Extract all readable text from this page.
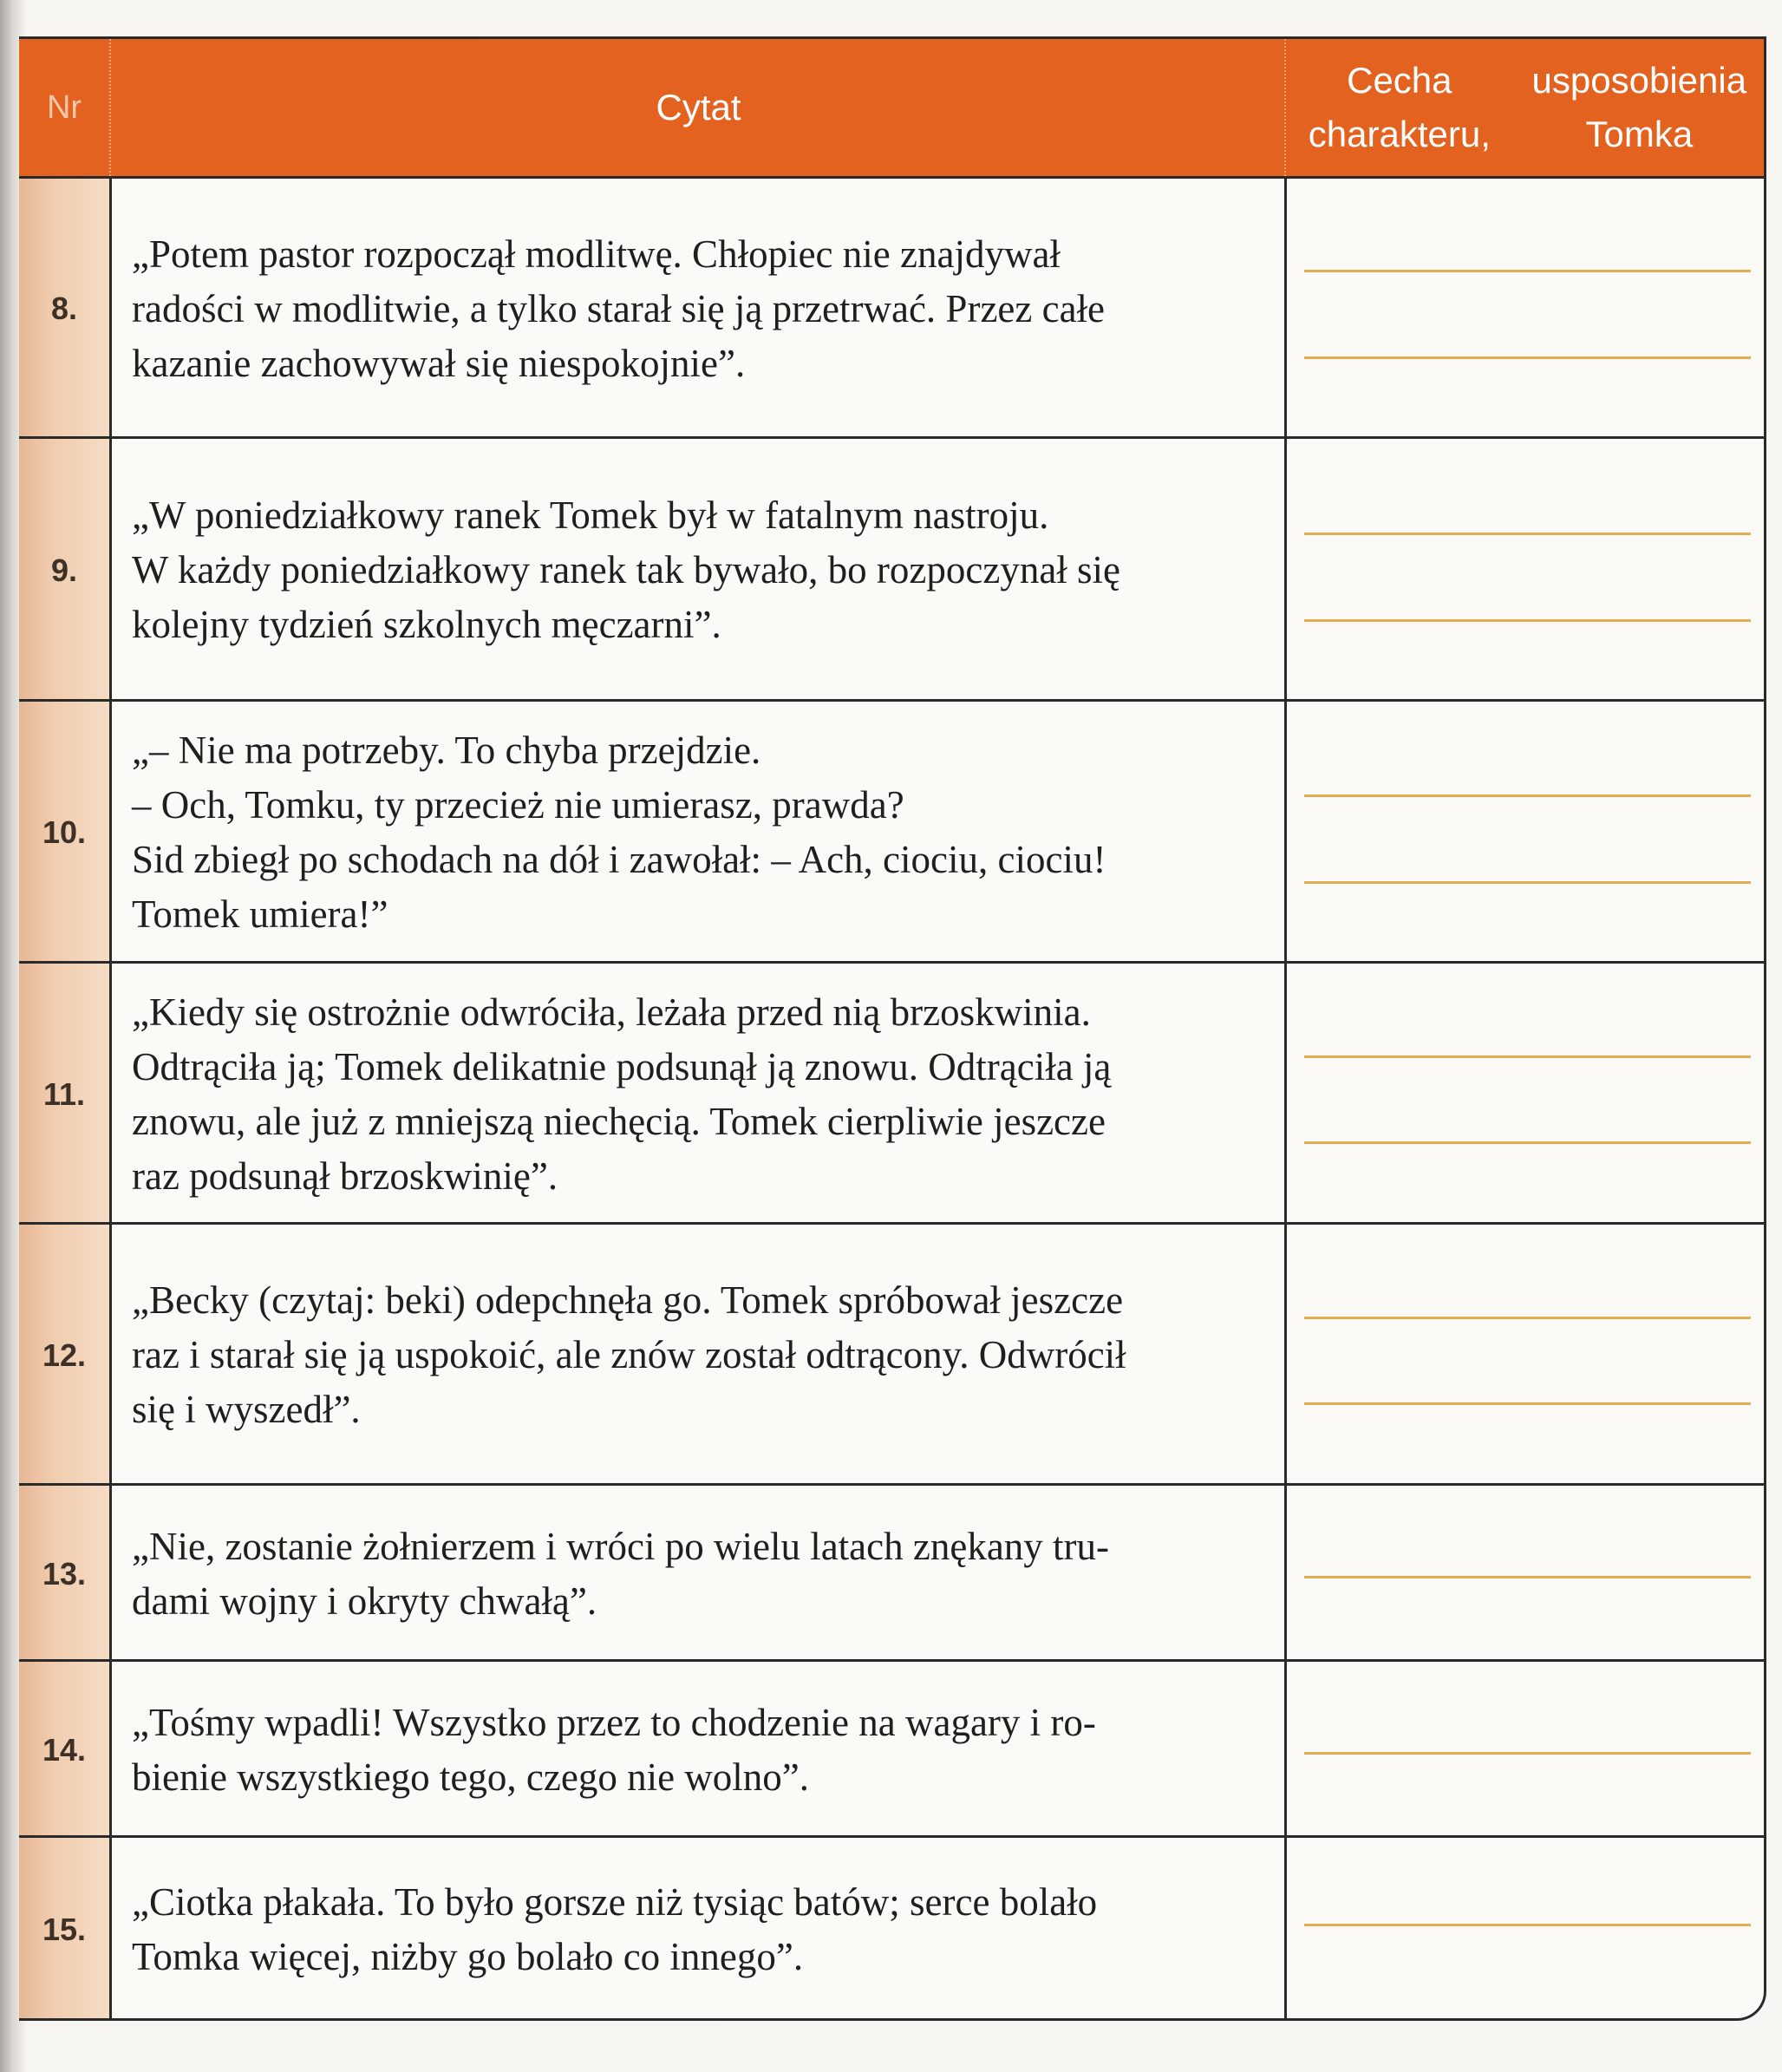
Nr	Cytat
Cecha charakteru,
usposobienia Tomka
8.
„Potem pastor rozpoczął modlitwę. Chłopiec nie znajdywał
radości w modlitwie, a tylko starał się ją przetrwać. Przez całe
kazanie zachowywał się niespokojnie”.
9.
„W poniedziałkowy ranek Tomek był w fatalnym nastroju.
W każdy poniedziałkowy ranek tak bywało, bo rozpoczynał się
kolejny tydzień szkolnych męczarni”.
10.
„– Nie ma potrzeby. To chyba przejdzie.
– Och, Tomku, ty przecież nie umierasz, prawda?
Sid zbiegł po schodach na dół i zawołał: – Ach, ciociu, ciociu!
Tomek umiera!”
11.
„Kiedy się ostrożnie odwróciła, leżała przed nią brzoskwinia.
Odtrąciła ją; Tomek delikatnie podsunął ją znowu. Odtrąciła ją
znowu, ale już z mniejszą niechęcią. Tomek cierpliwie jeszcze
raz podsunął brzoskwinię”.
12.
„Becky (czytaj: beki) odepchnęła go. Tomek spróbował jeszcze
raz i starał się ją uspokoić, ale znów został odtrącony. Odwrócił
się i wyszedł”.
13.
„Nie, zostanie żołnierzem i wróci po wielu latach znękany tru-
dami wojny i okryty chwałą”.
14.
„Tośmy wpadli! Wszystko przez to chodzenie na wagary i ro-
bienie wszystkiego tego, czego nie wolno”.
15.
„Ciotka płakała. To było gorsze niż tysiąc batów; serce bolało
Tomka więcej, niżby go bolało co innego”.
